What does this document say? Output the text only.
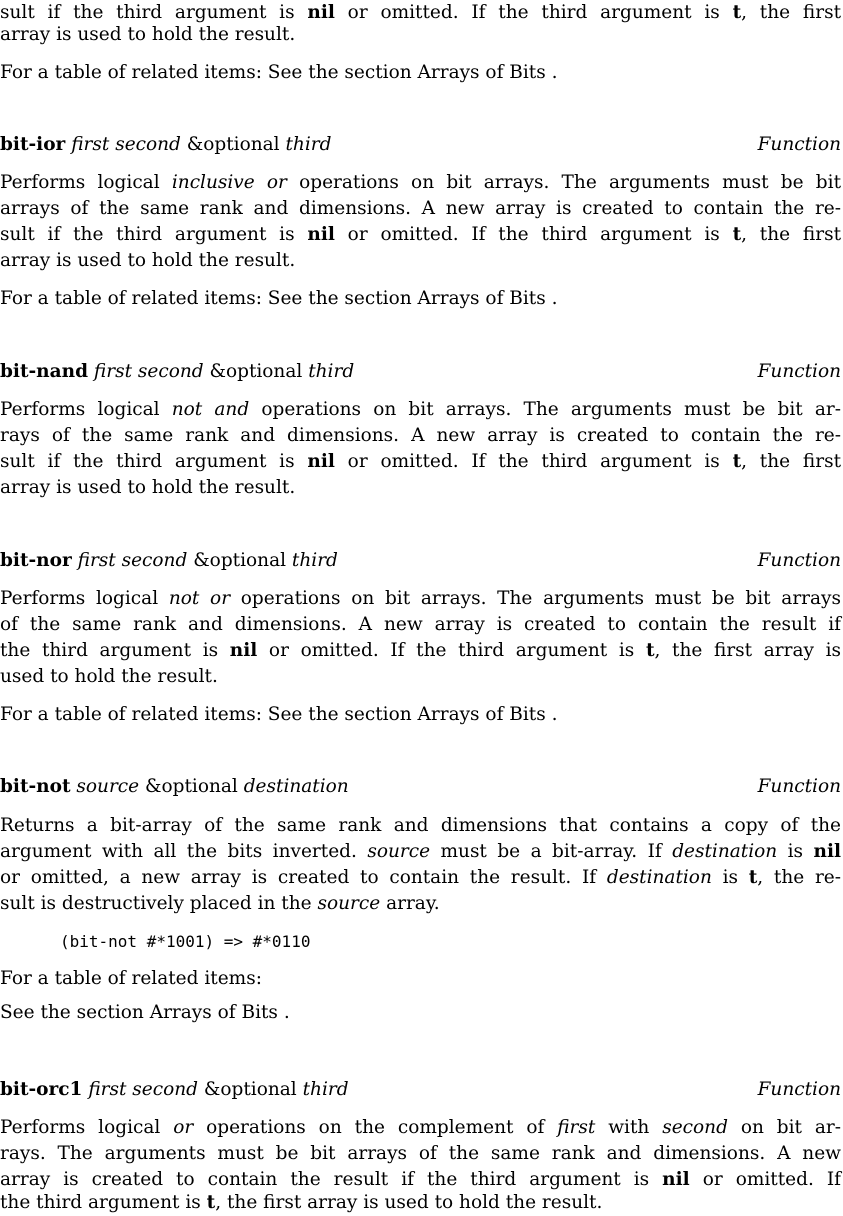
sult if the third argument is nil or omitted. If the third argument is t, the first
array is used to hold the result.
For a table of related items: See the section Arrays of Bits .
bit-ior first second &optional third	Function
Performs logical inclusive or operations on bit arrays. The arguments must be bit
arrays of the same rank and dimensions. A new array is created to contain the re-
sult if the third argument is nil or omitted. If the third argument is t, the first
array is used to hold the result.
For a table of related items: See the section Arrays of Bits .
bit-nand first second &optional third	Function
Performs logical not and operations on bit arrays. The arguments must be bit ar-
rays of the same rank and dimensions. A new array is created to contain the re-
sult if the third argument is nil or omitted. If the third argument is t, the first
array is used to hold the result.
bit-nor first second &optional third	Function
Performs logical not or operations on bit arrays. The arguments must be bit arrays
of the same rank and dimensions. A new array is created to contain the result if
the third argument is nil or omitted. If the third argument is t, the first array is
used to hold the result.
For a table of related items: See the section Arrays of Bits .
bit-not source &optional destination	Function
Returns a bit-array of the same rank and dimensions that contains a copy of the
argument with all the bits inverted. source must be a bit-array. If destination is nil
or omitted, a new array is created to contain the result. If destination is t, the re-
sult is destructively placed in the source array.
(bit-not #*1001) => #*0110
For a table of related items:
See the section Arrays of Bits .
bit-orc1 first second &optional third	Function
Performs logical or operations on the complement of first with second on bit ar-
rays. The arguments must be bit arrays of the same rank and dimensions. A new
array is created to contain the result if the third argument is nil or omitted. If
the third argument is t, the first array is used to hold the result.
